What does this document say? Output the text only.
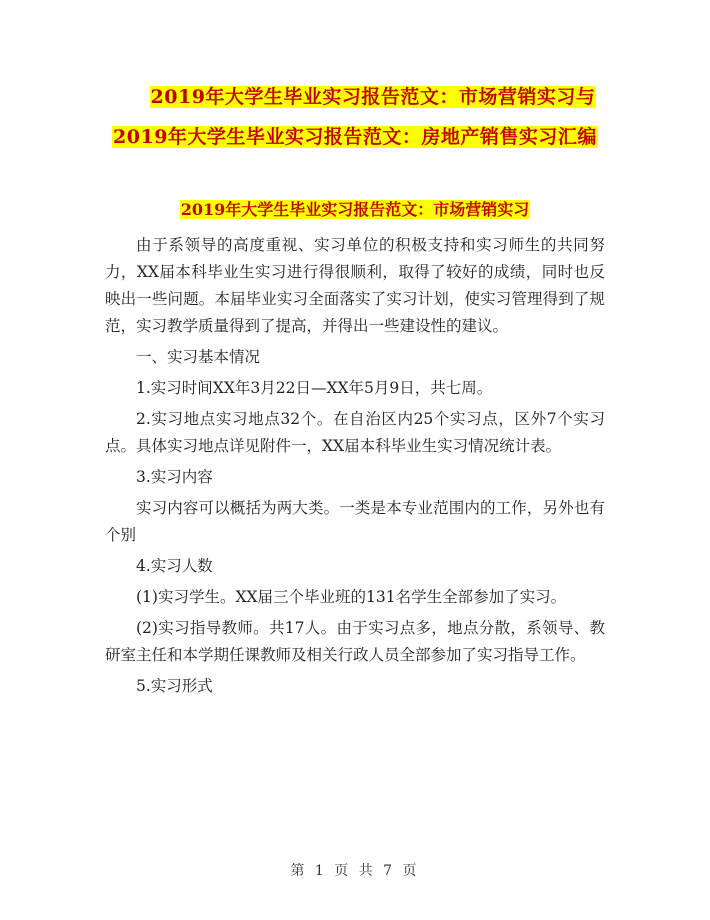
2019年大学生毕业实习报告范文：市场营销实习与
2019年大学生毕业实习报告范文：房地产销售实习汇编
2019年大学生毕业实习报告范文：市场营销实习

由于系领导的高度重视、实习单位的积极支持和实习师生的共同努力，XX届本科毕业生实习进行得很顺利，取得了较好的成绩，同时也反映出一些问题。本届毕业实习全面落实了实习计划，使实习管理得到了规范，实习教学质量得到了提高，并得出一些建设性的建议。

一、实习基本情况

1.实习时间XX年3月22日—XX年5月9日，共七周。

2.实习地点实习地点32个。在自治区内25个实习点，区外7个实习点。具体实习地点详见附件一，XX届本科毕业生实习情况统计表。

3.实习内容

实习内容可以概括为两大类。一类是本专业范围内的工作，另外也有个别

4.实习人数

(1)实习学生。XX届三个毕业班的131名学生全部参加了实习。

(2)实习指导教师。共17人。由于实习点多，地点分散，系领导、教研室主任和本学期任课教师及相关行政人员全部参加了实习指导工作。

5.实习形式

第 1 页 共 7 页
